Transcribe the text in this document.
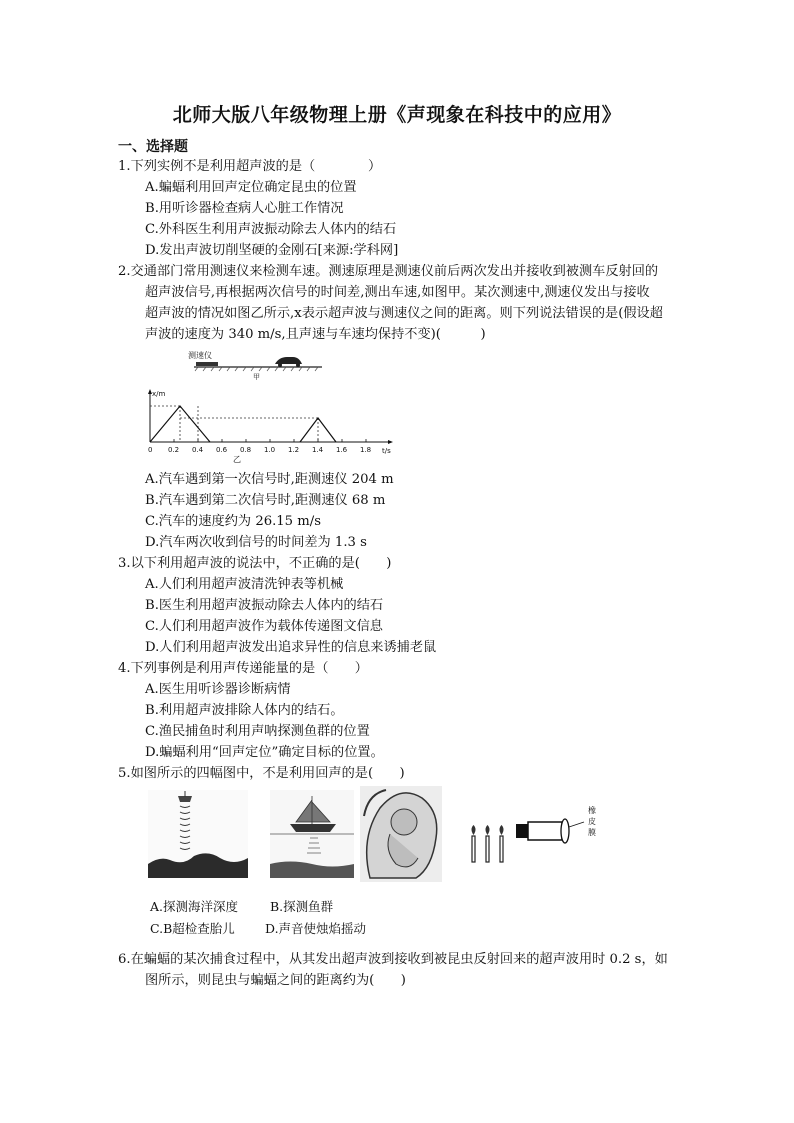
北师大版八年级物理上册《声现象在科技中的应用》
一、选择题
1.下列实例不是利用超声波的是（　　　　）
A.蝙蝠利用回声定位确定昆虫的位置
B.用听诊器检查病人心脏工作情况
C.外科医生利用声波振动除去人体内的结石
D.发出声波切削坚硬的金刚石[来源:学科网]
2.交通部门常用测速仪来检测车速。测速原理是测速仪前后两次发出并接收到被测车反射回的
超声波信号,再根据两次信号的时间差,测出车速,如图甲。某次测速中,测速仪发出与接收
超声波的情况如图乙所示,x表示超声波与测速仪之间的距离。则下列说法错误的是(假设超
声波的速度为 340 m/s,且声速与车速均保持不变)(　　　)
测速仪
甲
x/m
t/s
0 0.2 0.4 0.6 0.8 1.0 1.2 1.4 1.6 1.8
乙
A.汽车遇到第一次信号时,距测速仪 204 m
B.汽车遇到第二次信号时,距测速仪 68 m
C.汽车的速度约为 26.15 m/s
D.汽车两次收到信号的时间差为 1.3 s
3.以下利用超声波的说法中，不正确的是(　　)
A.人们利用超声波清洗钟表等机械
B.医生利用超声波振动除去人体内的结石
C.人们利用超声波作为载体传递图文信息
D.人们利用超声波发出追求异性的信息来诱捕老鼠
4.下列事例是利用声传递能量的是（　　）
A.医生用听诊器诊断病情
B.利用超声波排除人体内的结石。
C.渔民捕鱼时利用声呐探测鱼群的位置
D.蝙蝠利用“回声定位”确定目标的位置。
5.如图所示的四幅图中，不是利用回声的是(　　)
橡
皮
膜
A.探测海洋深度	B.探测鱼群
C.B超检查胎儿 D.声音使烛焰摇动
6.在蝙蝠的某次捕食过程中，从其发出超声波到接收到被昆虫反射回来的超声波用时 0.2 s，如
图所示，则昆虫与蝙蝠之间的距离约为(　　)
